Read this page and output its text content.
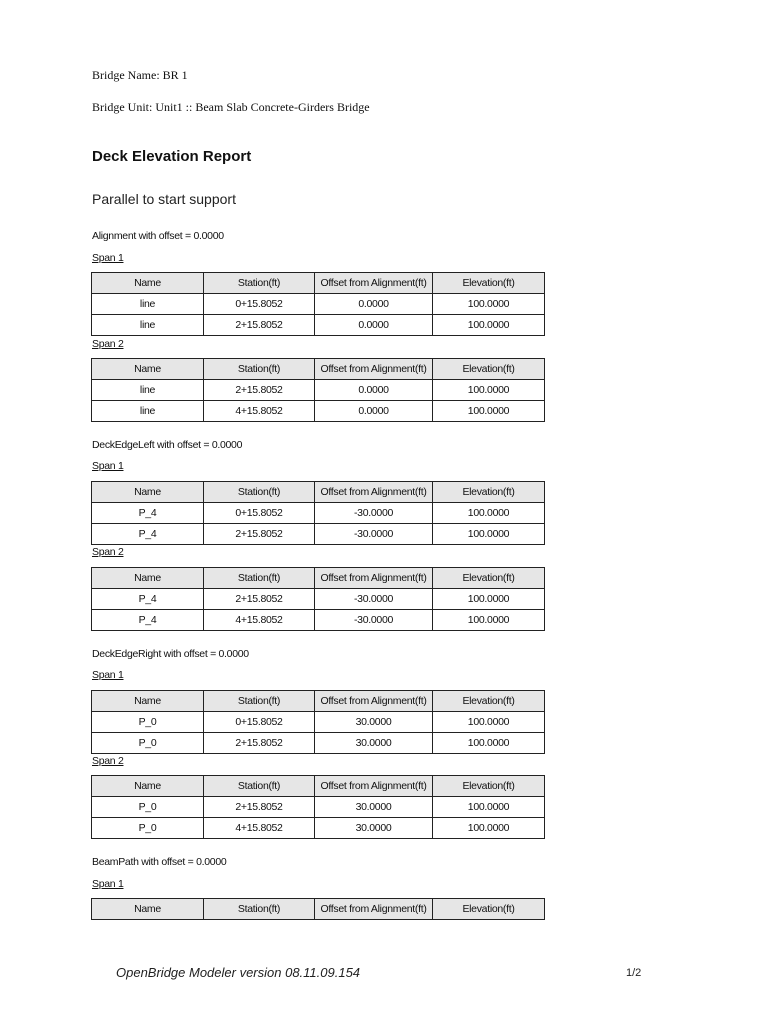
Bridge Name: BR 1
Bridge Unit: Unit1 :: Beam Slab Concrete-Girders Bridge
Deck Elevation Report
Parallel to start support
Alignment with offset = 0.0000
Span 1
Name	Station(ft)	Offset from Alignment(ft)	Elevation(ft)
line	0+15.8052	0.0000	100.0000
line	2+15.8052	0.0000	100.0000
Span 2
Name	Station(ft)	Offset from Alignment(ft)	Elevation(ft)
line	2+15.8052	0.0000	100.0000
line	4+15.8052	0.0000	100.0000
DeckEdgeLeft with offset = 0.0000
Span 1
Name	Station(ft)	Offset from Alignment(ft)	Elevation(ft)
P_4	0+15.8052	-30.0000	100.0000
P_4	2+15.8052	-30.0000	100.0000
Span 2
Name	Station(ft)	Offset from Alignment(ft)	Elevation(ft)
P_4	2+15.8052	-30.0000	100.0000
P_4	4+15.8052	-30.0000	100.0000
DeckEdgeRight with offset = 0.0000
Span 1
Name	Station(ft)	Offset from Alignment(ft)	Elevation(ft)
P_0	0+15.8052	30.0000	100.0000
P_0	2+15.8052	30.0000	100.0000
Span 2
Name	Station(ft)	Offset from Alignment(ft)	Elevation(ft)
P_0	2+15.8052	30.0000	100.0000
P_0	4+15.8052	30.0000	100.0000
BeamPath with offset = 0.0000
Span 1
Name	Station(ft)	Offset from Alignment(ft)	Elevation(ft)
OpenBridge Modeler version 08.11.09.154	1/2
